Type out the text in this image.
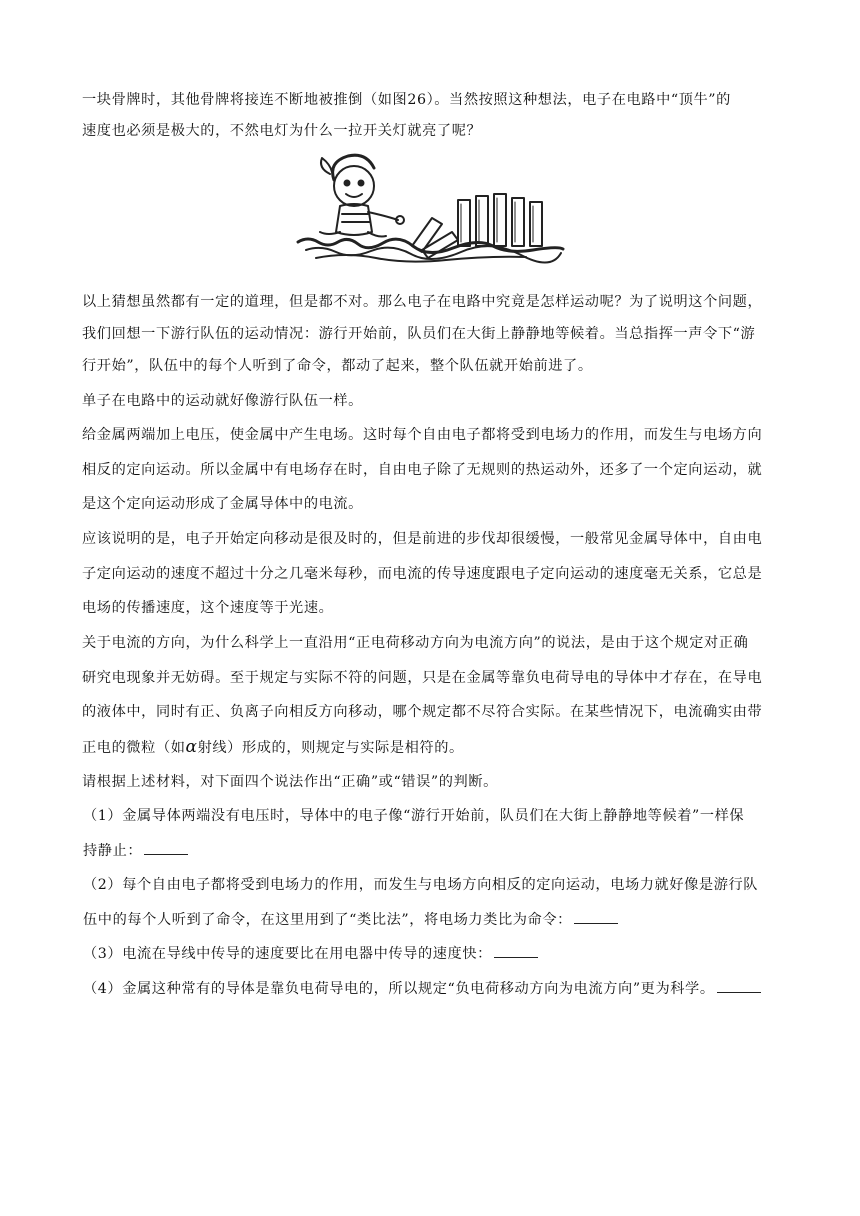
一块骨牌时，其他骨牌将接连不断地被推倒（如图26）。当然按照这种想法，电子在电路中“顶牛”的
速度也必须是极大的，不然电灯为什么一拉开关灯就亮了呢？
以上猜想虽然都有一定的道理，但是都不对。那么电子在电路中究竟是怎样运动呢？为了说明这个问题，
我们回想一下游行队伍的运动情况：游行开始前，队员们在大街上静静地等候着。当总指挥一声令下“游
行开始”，队伍中的每个人听到了命令，都动了起来，整个队伍就开始前进了。
单子在电路中的运动就好像游行队伍一样。
给金属两端加上电压，使金属中产生电场。这时每个自由电子都将受到电场力的作用，而发生与电场方向
相反的定向运动。所以金属中有电场存在时，自由电子除了无规则的热运动外，还多了一个定向运动，就
是这个定向运动形成了金属导体中的电流。
应该说明的是，电子开始定向移动是很及时的，但是前进的步伐却很缓慢，一般常见金属导体中，自由电
子定向运动的速度不超过十分之几毫米每秒，而电流的传导速度跟电子定向运动的速度毫无关系，它总是
电场的传播速度，这个速度等于光速。
关于电流的方向，为什么科学上一直沿用“正电荷移动方向为电流方向”的说法，是由于这个规定对正确
研究电现象并无妨碍。至于规定与实际不符的问题，只是在金属等靠负电荷导电的导体中才存在，在导电
的液体中，同时有正、负离子向相反方向移动，哪个规定都不尽符合实际。在某些情况下，电流确实由带
正电的微粒（如α射线）形成的，则规定与实际是相符的。
请根据上述材料，对下面四个说法作出“正确”或“错误”的判断。
（1）金属导体两端没有电压时，导体中的电子像“游行开始前，队员们在大街上静静地等候着”一样保
持静止：
（2）每个自由电子都将受到电场力的作用，而发生与电场方向相反的定向运动，电场力就好像是游行队
伍中的每个人听到了命令，在这里用到了“类比法”，将电场力类比为命令：
（3）电流在导线中传导的速度要比在用电器中传导的速度快：
（4）金属这种常有的导体是靠负电荷导电的，所以规定“负电荷移动方向为电流方向”更为科学。
